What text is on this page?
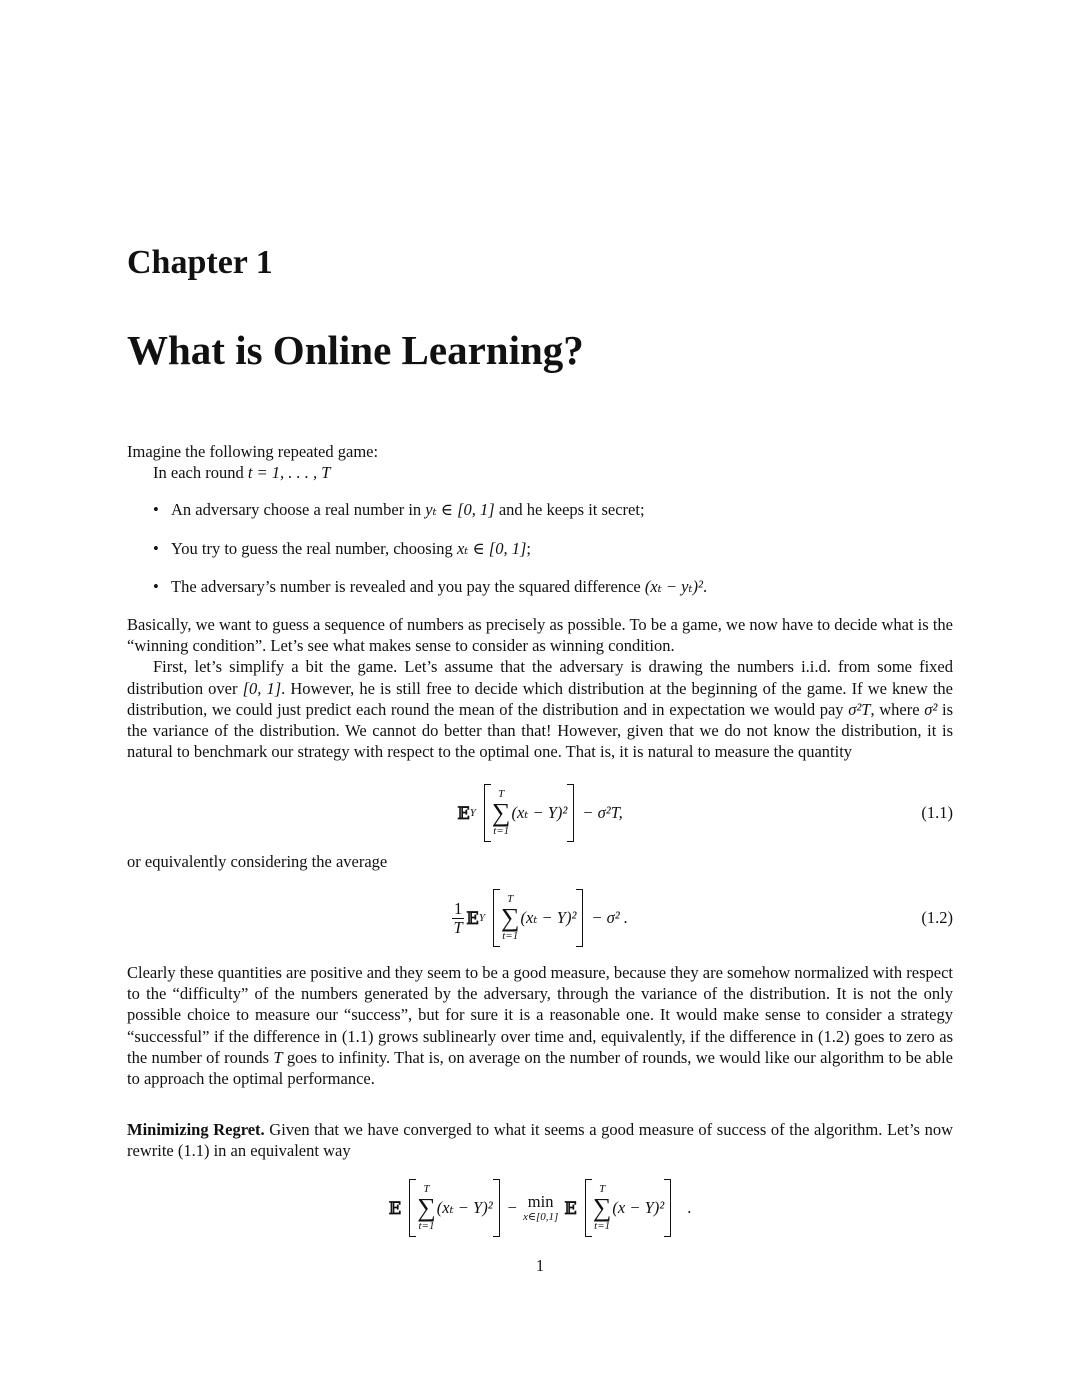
Chapter 1
What is Online Learning?

Imagine the following repeated game:

In each round t = 1, . . . , T

• An adversary choose a real number in yₜ ∈ [0, 1] and he keeps it secret;
• You try to guess the real number, choosing xₜ ∈ [0, 1];
• The adversary’s number is revealed and you pay the squared difference (xₜ − yₜ)².

Basically, we want to guess a sequence of numbers as precisely as possible. To be a game, we now have to decide what is the “winning condition”. Let’s see what makes sense to consider as winning condition.

First, let’s simplify a bit the game. Let’s assume that the adversary is drawing the numbers i.i.d. from some fixed distribution over [0, 1]. However, he is still free to decide which distribution at the beginning of the game. If we knew the distribution, we could just predict each round the mean of the distribution and in expectation we would pay σ²T, where σ² is the variance of the distribution. We cannot do better than that! However, given that we do not know the distribution, it is natural to benchmark our strategy with respect to the optimal one. That is, it is natural to measure the quantity

𝔼 Y
T
∑
t=1
(xₜ − Y)² − σ²T,	(1.1)

or equivalently considering the average

$\frac{1}{T}$ 𝔼 Y
T
∑
t=1
(xₜ − Y)² − σ² .	(1.2)

Clearly these quantities are positive and they seem to be a good measure, because they are somehow normalized with respect to the “difficulty” of the numbers generated by the adversary, through the variance of the distribution. It is not the only possible choice to measure our “success”, but for sure it is a reasonable one. It would make sense to consider a strategy “successful” if the difference in (1.1) grows sublinearly over time and, equivalently, if the difference in (1.2) goes to zero as the number of rounds T goes to infinity. That is, on average on the number of rounds, we would like our algorithm to be able to approach the optimal performance.

Minimizing Regret. Given that we have converged to what it seems a good measure of success of the algorithm. Let’s now rewrite (1.1) in an equivalent way

𝔼
T
∑
t=1
(xₜ − Y)² − min
x∈[0,1] 𝔼
T
∑
t=1
(x − Y)² .
1
